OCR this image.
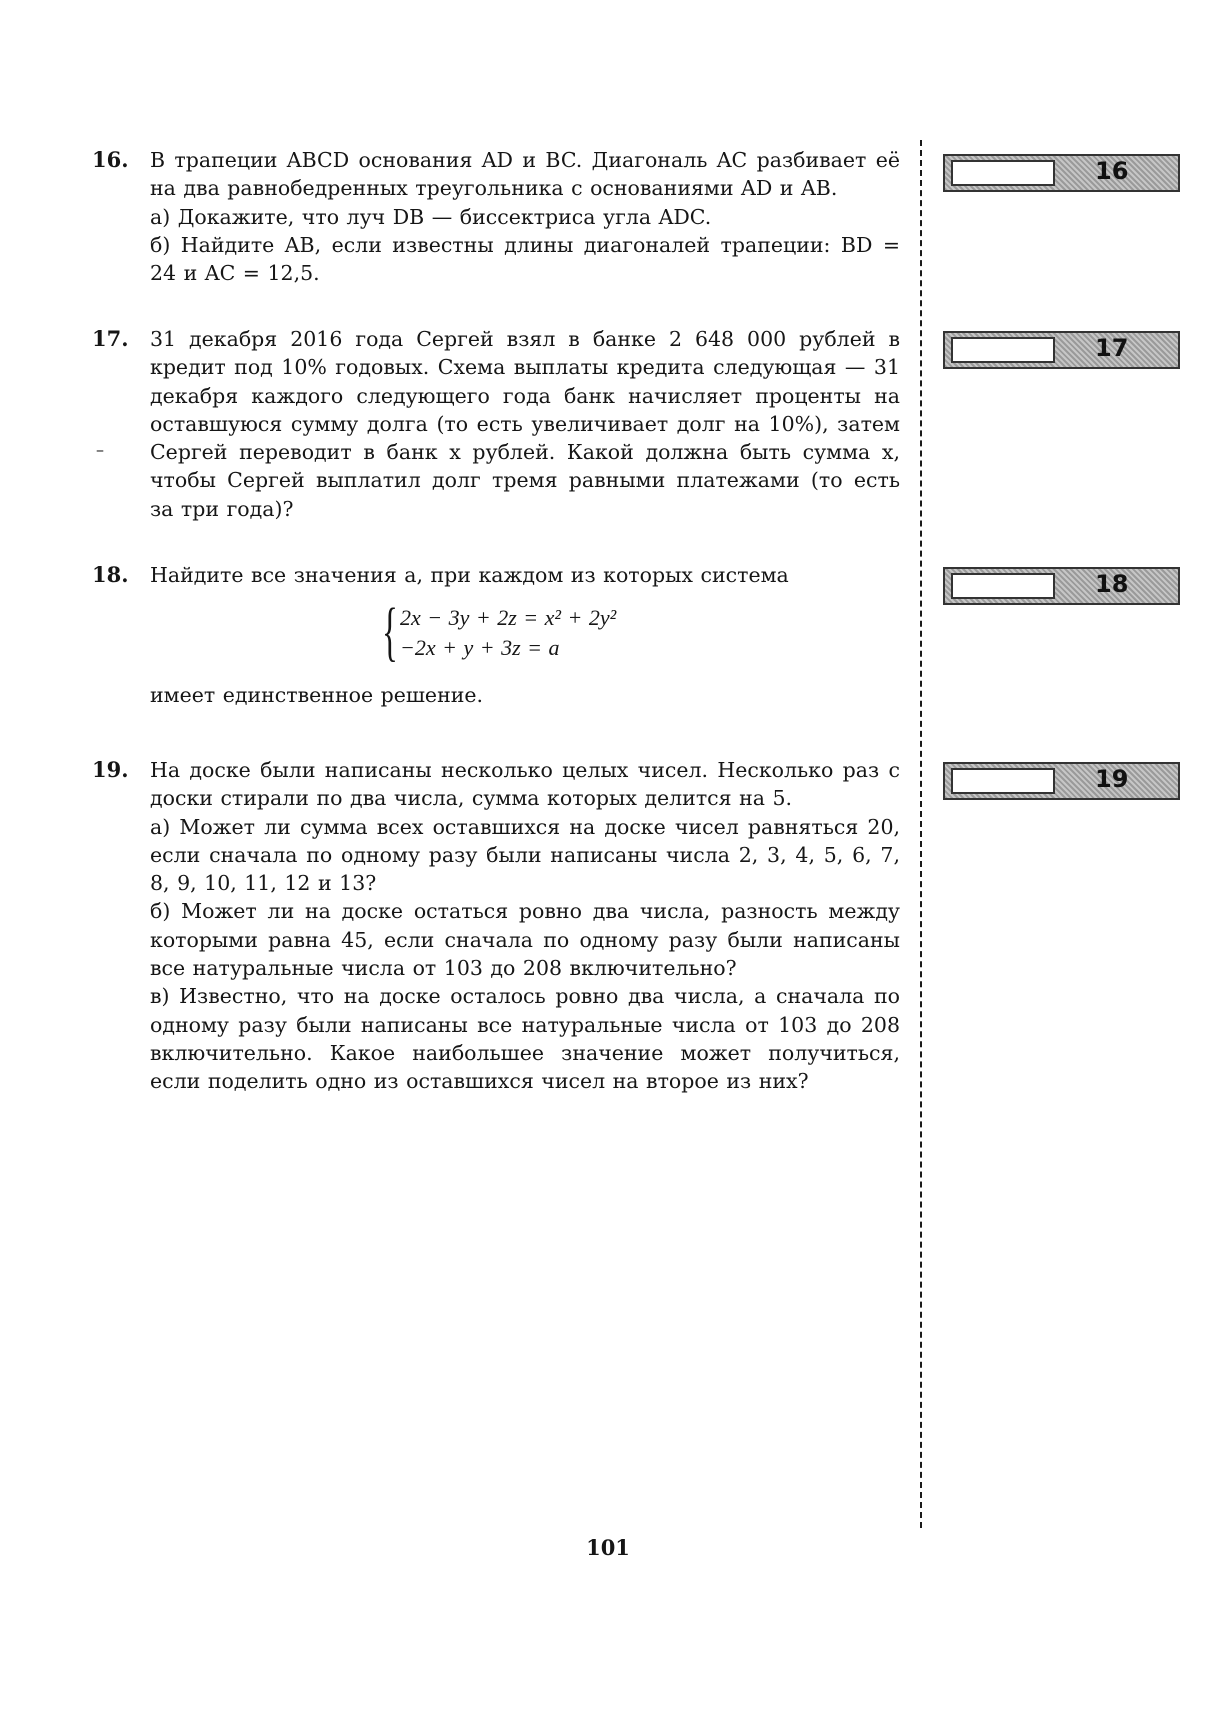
16.	В трапеции ABCD основания AD и BC. Диагональ AC разбивает её на два равнобедренных треугольника с основаниями AD и AB.

а) Докажите, что луч DB — биссектриса угла ADC.

б) Найдите AB, если известны длины диагоналей трапеции: BD = 24 и AC = 12,5.

17.	31 декабря 2016 года Сергей взял в банке 2 648 000 рублей в кредит под 10% годовых. Схема выплаты кредита следующая — 31 декабря каждого следующего года банк начисляет проценты на оставшуюся сумму долга (то есть увеличивает долг на 10%), затем Сергей переводит в банк x рублей. Какой должна быть сумма x, чтобы Сергей выплатил долг тремя равными платежами (то есть за три года)?

–
18.	Найдите все значения a, при каждом из которых система

{ 2x − 3y + 2z = x² + 2y²
−2x + y + 3z = a

имеет единственное решение.

19.	На доске были написаны несколько целых чисел. Несколько раз с доски стирали по два числа, сумма которых делится на 5.

а) Может ли сумма всех оставшихся на доске чисел равняться 20, если сначала по одному разу были написаны числа 2, 3, 4, 5, 6, 7, 8, 9, 10, 11, 12 и 13?

б) Может ли на доске остаться ровно два числа, разность между которыми равна 45, если сначала по одному разу были написаны все натуральные числа от 103 до 208 включительно?

в) Известно, что на доске осталось ровно два числа, а сначала по одному разу были написаны все натуральные числа от 103 до 208 включительно. Какое наибольшее значение может получиться, если поделить одно из оставшихся чисел на второе из них?

16
17
18
19
101
